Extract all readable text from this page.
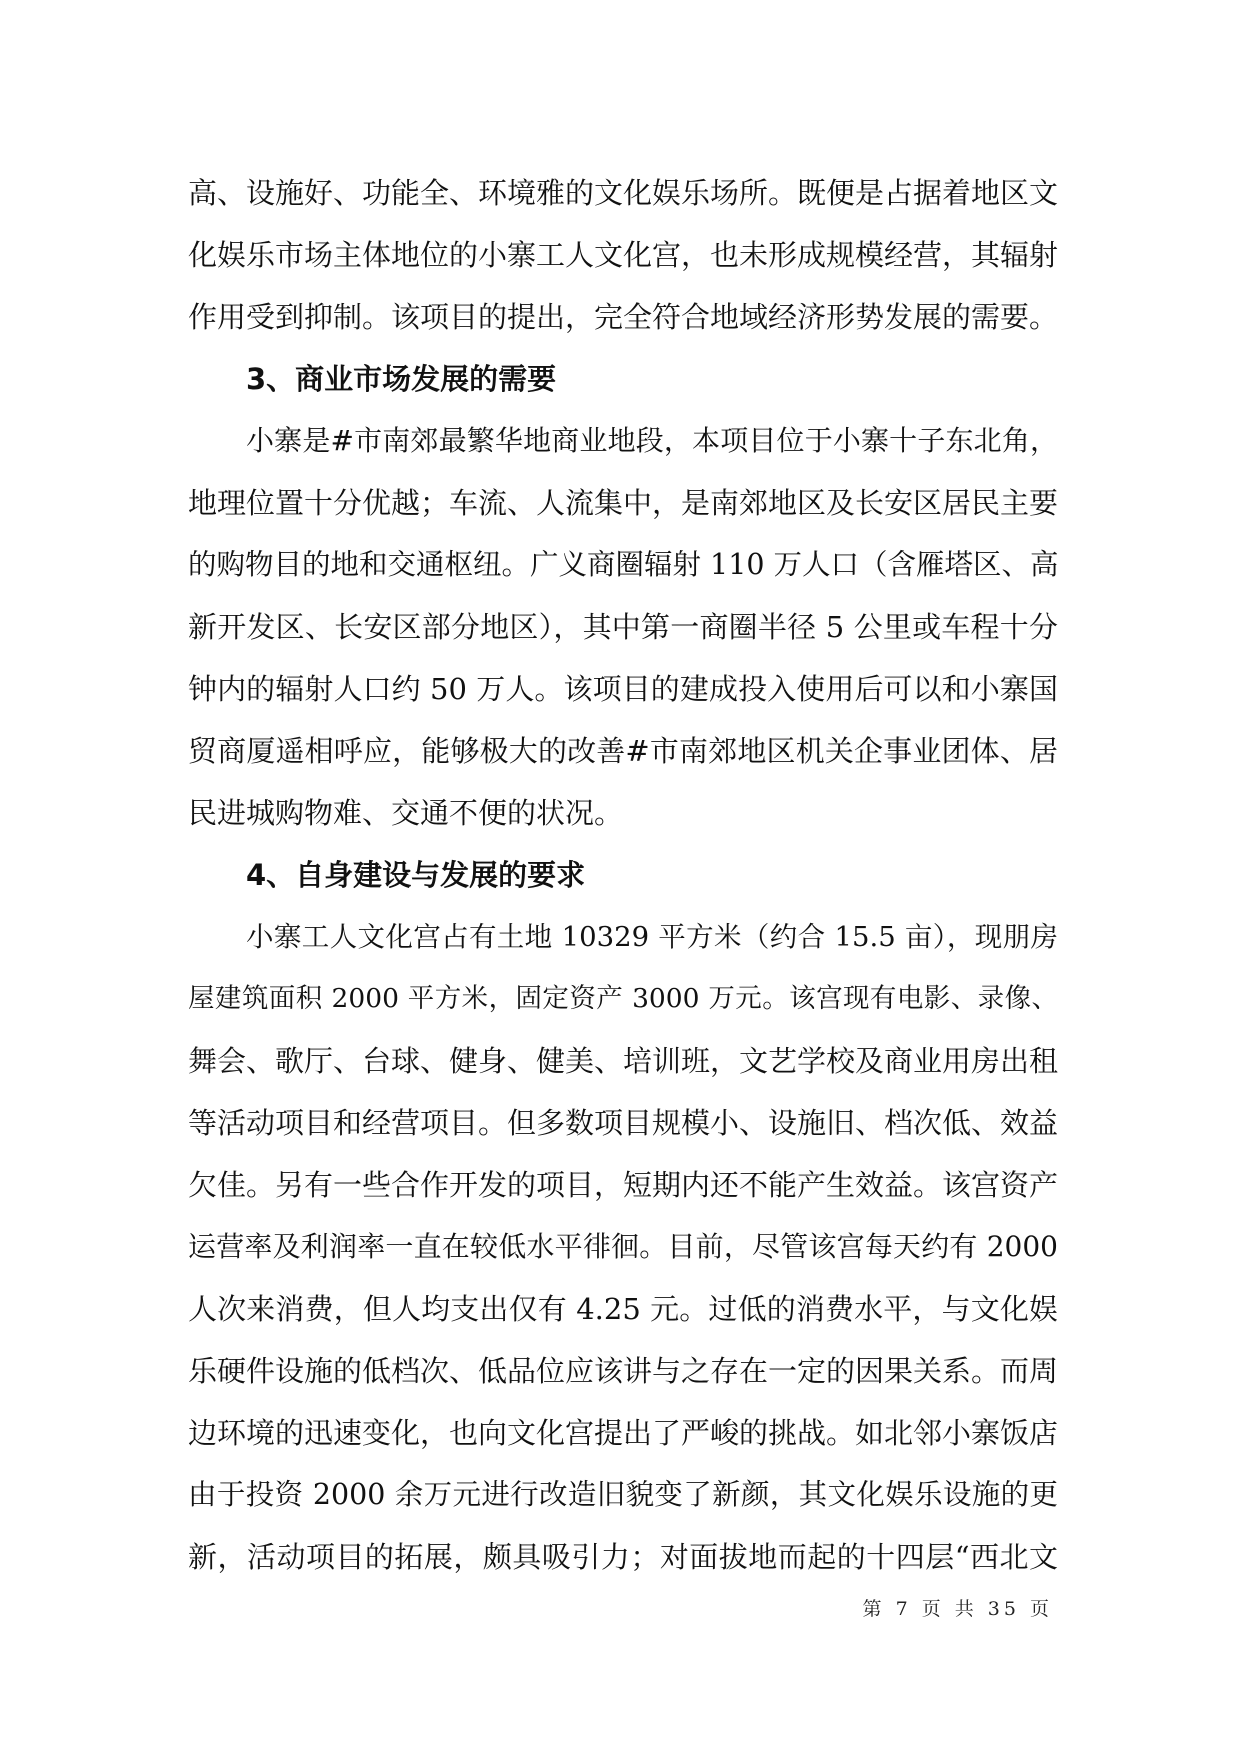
高、设施好、功能全、环境雅的文化娱乐场所。既便是占据着地区文
化娱乐市场主体地位的小寨工人文化宫，也未形成规模经营，其辐射
作用受到抑制。该项目的提出，完全符合地域经济形势发展的需要。
3、商业市场发展的需要
小寨是#市南郊最繁华地商业地段，本项目位于小寨十子东北角，
地理位置十分优越；车流、人流集中，是南郊地区及长安区居民主要
的购物目的地和交通枢纽。广义商圈辐射 110 万人口（含雁塔区、高
新开发区、长安区部分地区），其中第一商圈半径 5 公里或车程十分
钟内的辐射人口约 50 万人。该项目的建成投入使用后可以和小寨国
贸商厦遥相呼应，能够极大的改善#市南郊地区机关企事业团体、居
民进城购物难、交通不便的状况。
4、自身建设与发展的要求
小寨工人文化宫占有土地 10329 平方米（约合 15.5 亩），现朋房
屋建筑面积 2000 平方米，固定资产 3000 万元。该宫现有电影、录像、
舞会、歌厅、台球、健身、健美、培训班，文艺学校及商业用房出租
等活动项目和经营项目。但多数项目规模小、设施旧、档次低、效益
欠佳。另有一些合作开发的项目，短期内还不能产生效益。该宫资产
运营率及利润率一直在较低水平徘徊。目前，尽管该宫每天约有 2000
人次来消费，但人均支出仅有 4.25 元。过低的消费水平，与文化娱
乐硬件设施的低档次、低品位应该讲与之存在一定的因果关系。而周
边环境的迅速变化，也向文化宫提出了严峻的挑战。如北邻小寨饭店
由于投资 2000 余万元进行改造旧貌变了新颜，其文化娱乐设施的更
新，活动项目的拓展，颇具吸引力；对面拔地而起的十四层“西北文
第 7 页 共 35 页
